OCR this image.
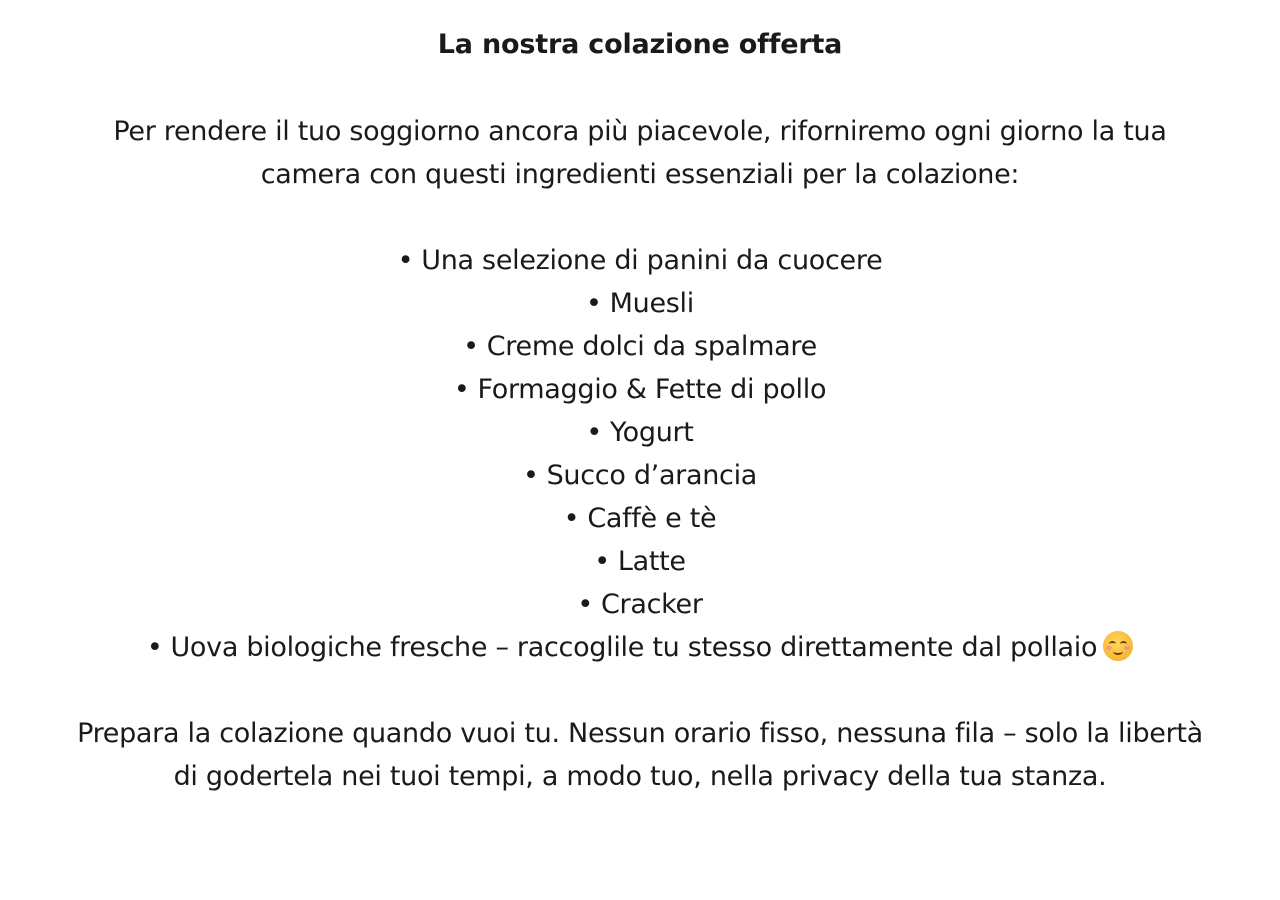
La nostra colazione offerta

Per rendere il tuo soggiorno ancora più piacevole, riforniremo ogni giorno la tua
camera con questi ingredienti essenziali per la colazione:

• Una selezione di panini da cuocere
• Muesli
• Creme dolci da spalmare
• Formaggio & Fette di pollo
• Yogurt
• Succo d’arancia
• Caffè e tè
• Latte
• Cracker
• Uova biologiche fresche – raccoglile tu stesso direttamente dal pollaio

Prepara la colazione quando vuoi tu. Nessun orario fisso, nessuna fila – solo la libertà
di godertela nei tuoi tempi, a modo tuo, nella privacy della tua stanza.
